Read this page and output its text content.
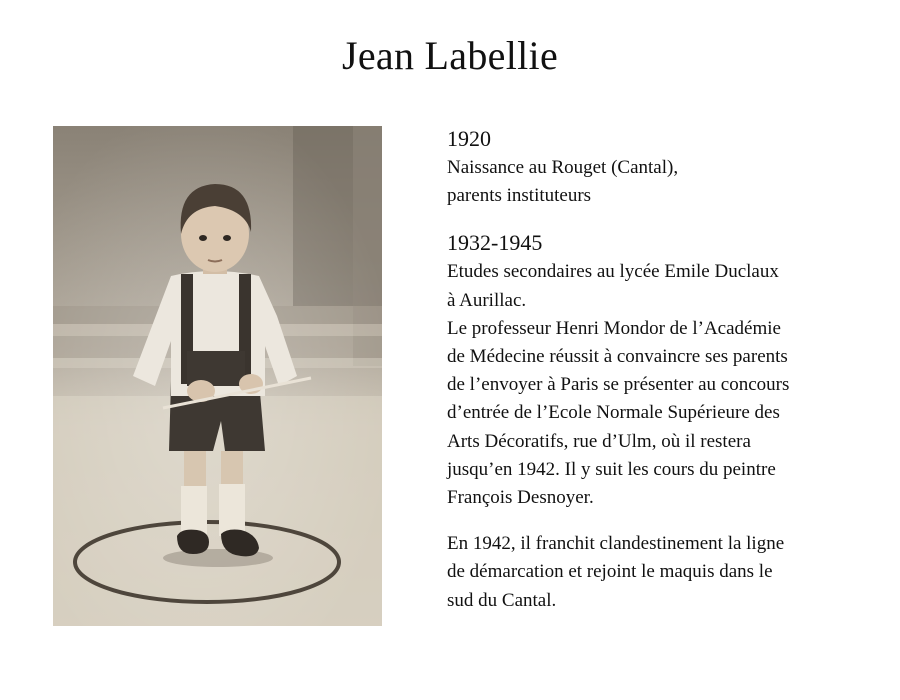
Jean Labellie
1920
Naissance au Rouget (Cantal),
parents instituteurs
1932-1945
Etudes secondaires au lycée Emile Duclaux
à Aurillac.
Le professeur Henri Mondor de l’Académie
de Médecine réussit à convaincre ses parents
de l’envoyer à Paris se présenter au concours
d’entrée de l’Ecole Normale Supérieure des
Arts Décoratifs, rue d’Ulm, où il restera
jusqu’en 1942. Il y suit les cours du peintre
François Desnoyer.
En 1942, il franchit clandestinement la ligne
de démarcation et rejoint le maquis dans le
sud du Cantal.
